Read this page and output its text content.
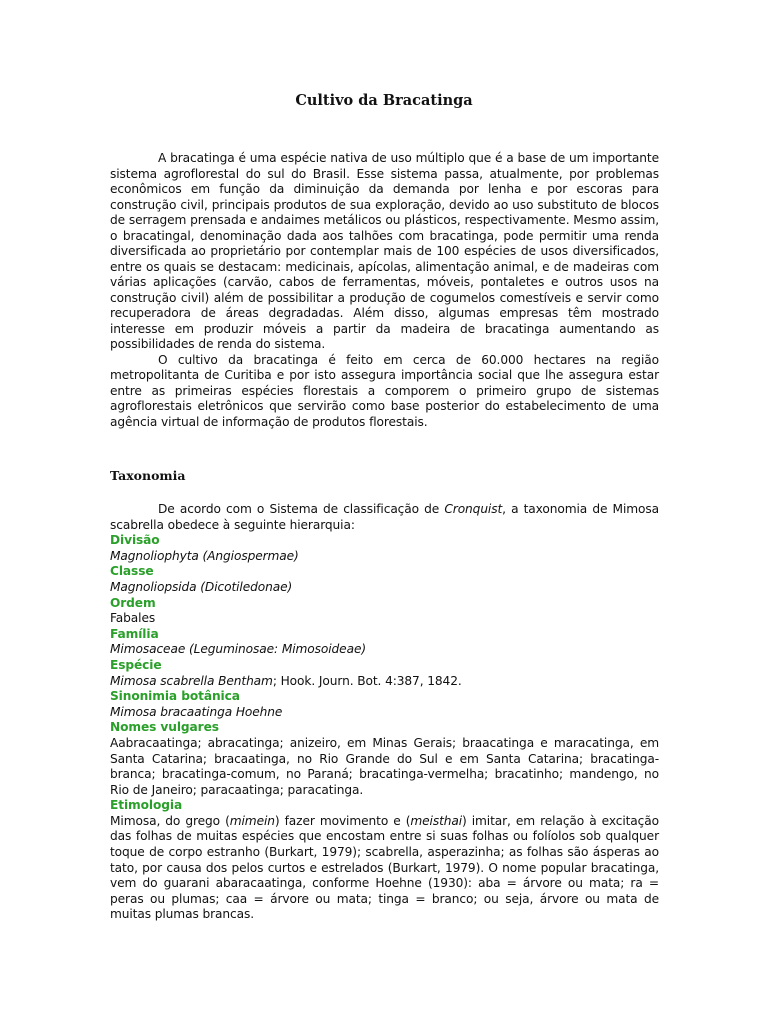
Cultivo da Bracatinga

A bracatinga é uma espécie nativa de uso múltiplo que é a base de um importante sistema agroflorestal do sul do Brasil. Esse sistema passa, atualmente, por problemas econômicos em função da diminuição da demanda por lenha e por escoras para construção civil, principais produtos de sua exploração, devido ao uso substituto de blocos de serragem prensada e andaimes metálicos ou plásticos, respectivamente. Mesmo assim, o bracatingal, denominação dada aos talhões com bracatinga, pode permitir uma renda diversificada ao proprietário por contemplar mais de 100 espécies de usos diversificados, entre os quais se destacam: medicinais, apícolas, alimentação animal, e de madeiras com várias aplicações (carvão, cabos de ferramentas, móveis, pontaletes e outros usos na construção civil) além de possibilitar a produção de cogumelos comestíveis e servir como recuperadora de áreas degradadas. Além disso, algumas empresas têm mostrado interesse em produzir móveis a partir da madeira de bracatinga aumentando as possibilidades de renda do sistema.

O cultivo da bracatinga é feito em cerca de 60.000 hectares na região metropolitanta de Curitiba e por isto assegura importância social que lhe assegura estar entre as primeiras espécies florestais a comporem o primeiro grupo de sistemas agroflorestais eletrônicos que servirão como base posterior do estabelecimento de uma agência virtual de informação de produtos florestais.

Taxonomia

De acordo com o Sistema de classificação de Cronquist, a taxonomia de Mimosa scabrella obedece à seguinte hierarquia:

Divisão

Magnoliophyta (Angiospermae)

Classe

Magnoliopsida (Dicotiledonae)

Ordem

Fabales

Família

Mimosaceae (Leguminosae: Mimosoideae)

Espécie

Mimosa scabrella Bentham; Hook. Journ. Bot. 4:387, 1842.

Sinonimia botânica

Mimosa bracaatinga Hoehne

Nomes vulgares

Aabracaatinga; abracatinga; anizeiro, em Minas Gerais; braacatinga e maracatinga, em Santa Catarina; bracaatinga, no Rio Grande do Sul e em Santa Catarina; bracatinga-branca; bracatinga-comum, no Paraná; bracatinga-vermelha; bracatinho; mandengo, no Rio de Janeiro; paracaatinga; paracatinga.

Etimologia

Mimosa, do grego (mimein) fazer movimento e (meisthai) imitar, em relação à excitação das folhas de muitas espécies que encostam entre si suas folhas ou folíolos sob qualquer toque de corpo estranho (Burkart, 1979); scabrella, asperazinha; as folhas são ásperas ao tato, por causa dos pelos curtos e estrelados (Burkart, 1979). O nome popular bracatinga, vem do guarani abaracaatinga, conforme Hoehne (1930): aba = árvore ou mata; ra = peras ou plumas; caa = árvore ou mata; tinga = branco; ou seja, árvore ou mata de muitas plumas brancas.
